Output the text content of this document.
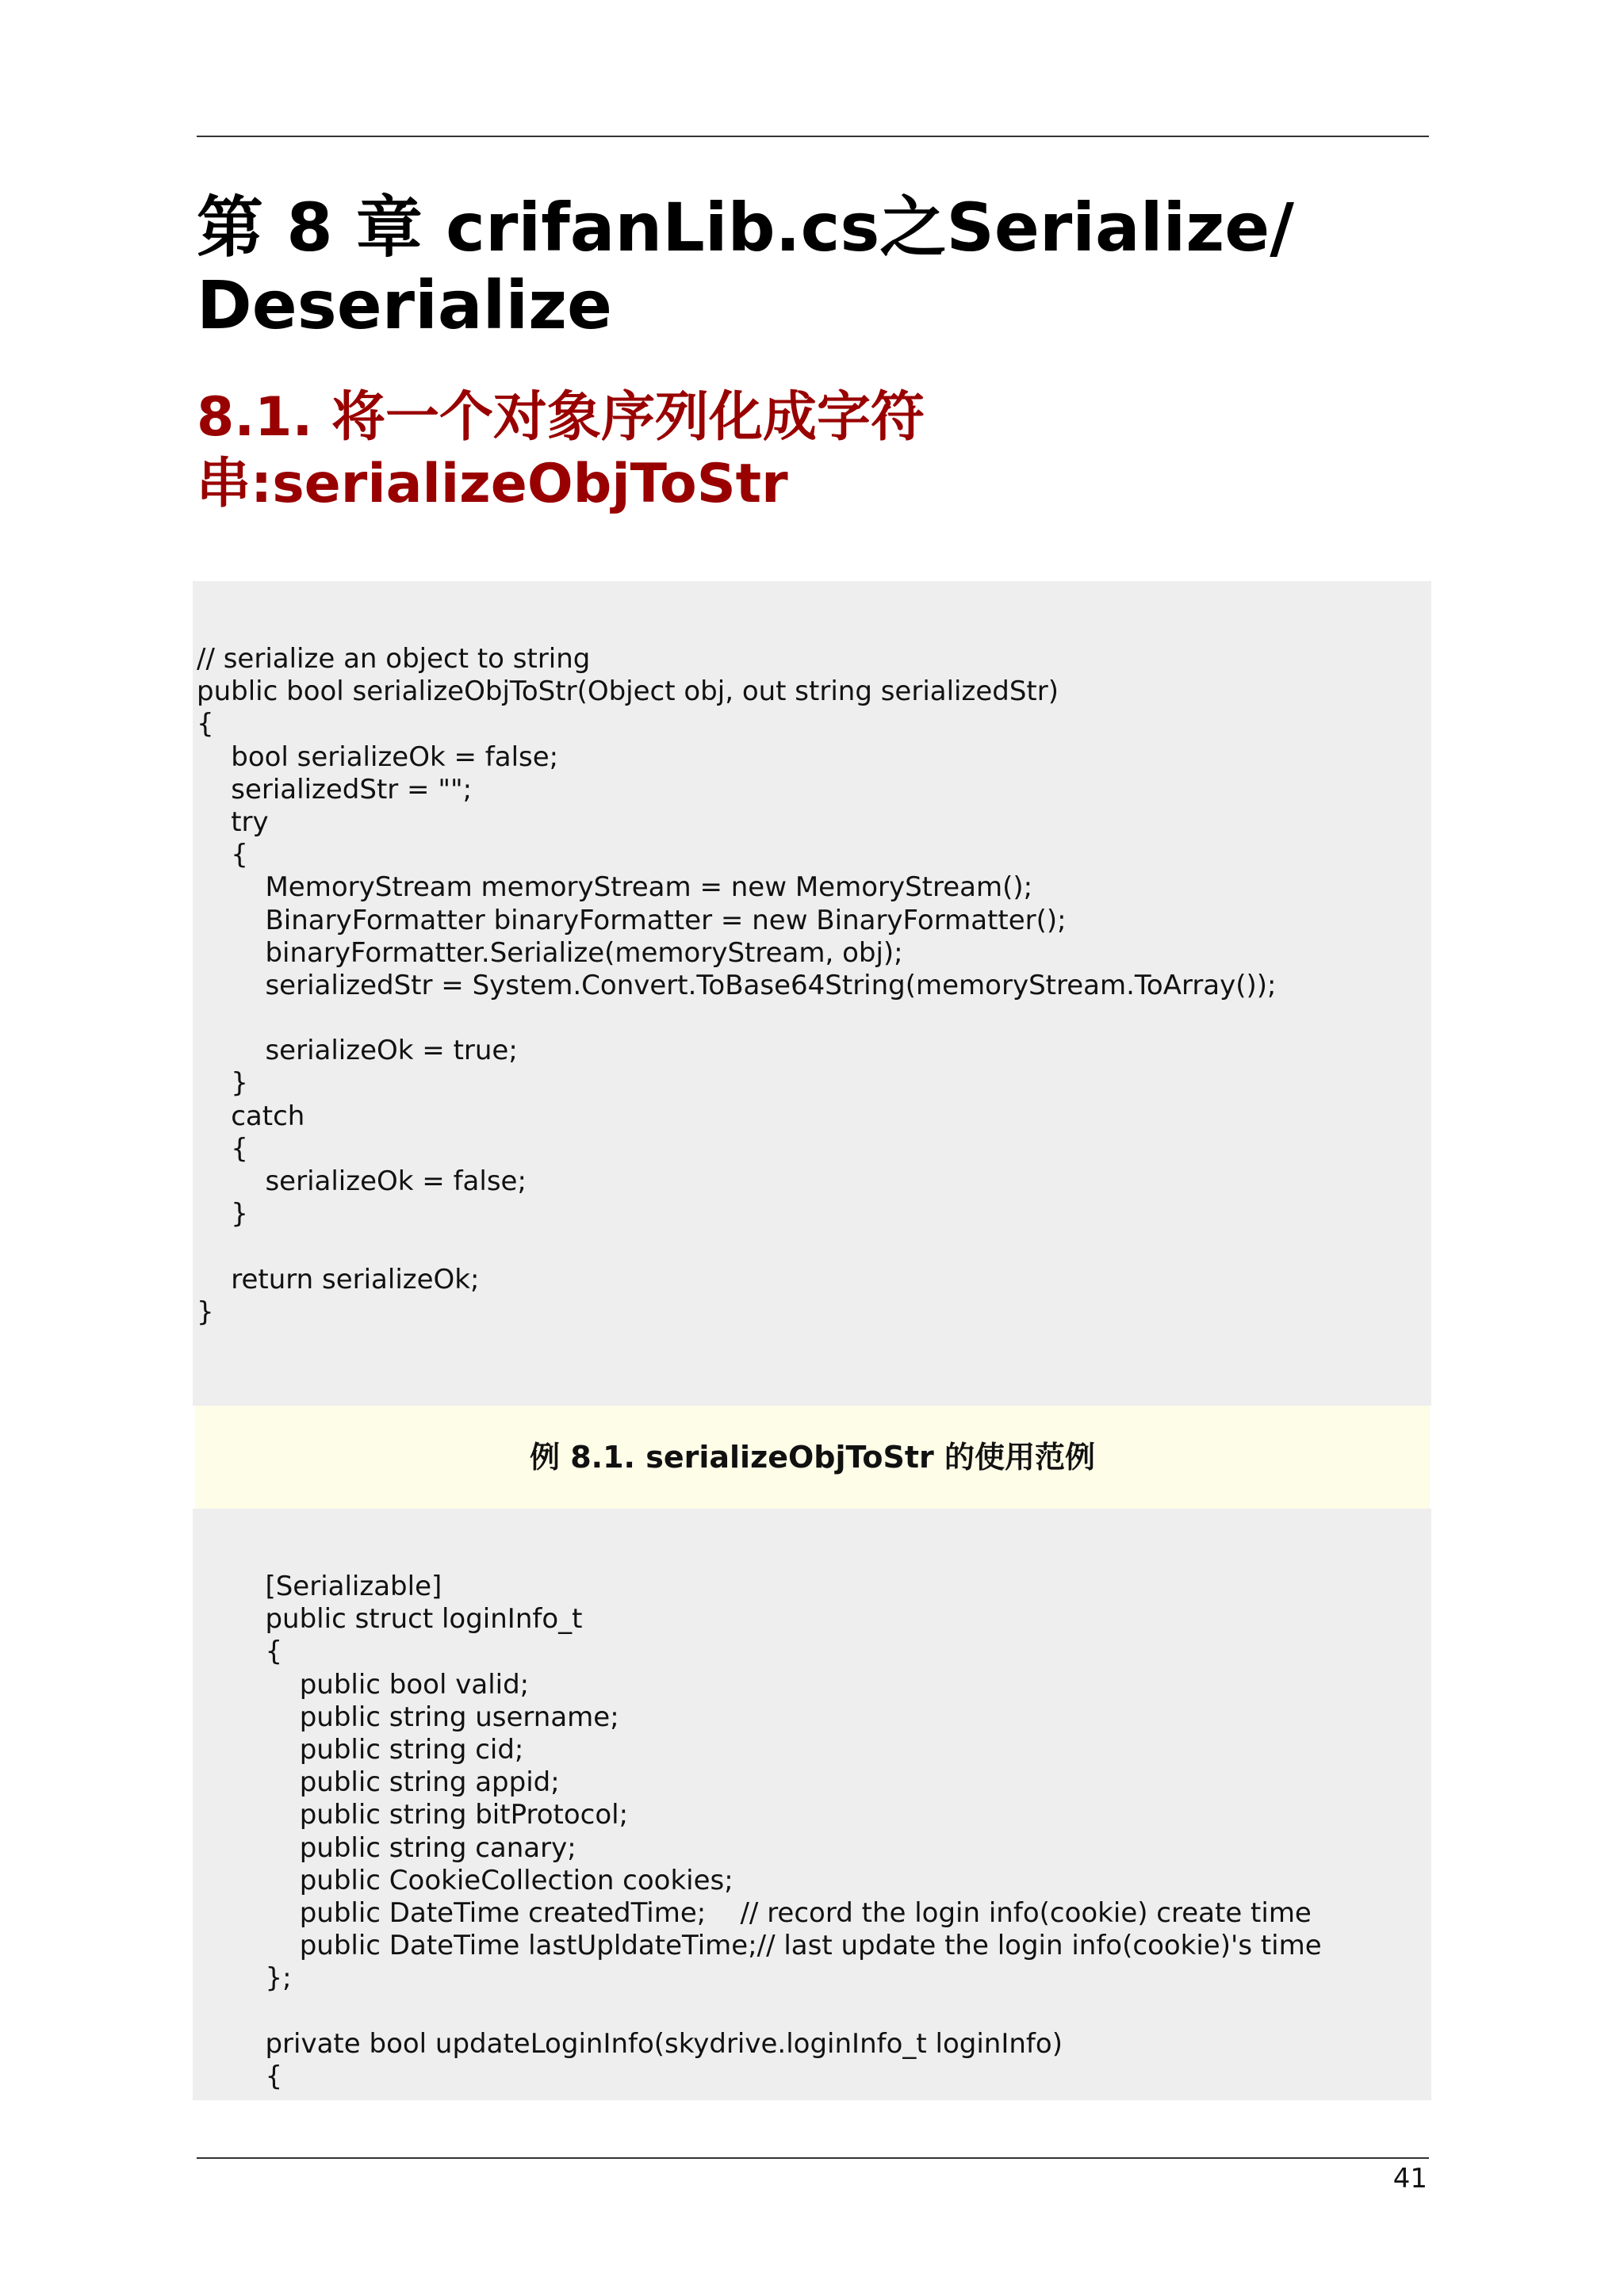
第 8 章 crifanLib.cs之Serialize/
Deserialize
8.1. 将一个对象序列化成字符
串:serializeObjToStr
// serialize an object to string
public bool serializeObjToStr(Object obj, out string serializedStr)
{
bool serializeOk = false;
serializedStr = "";
try
{
MemoryStream memoryStream = new MemoryStream();
BinaryFormatter binaryFormatter = new BinaryFormatter();
binaryFormatter.Serialize(memoryStream, obj);
serializedStr = System.Convert.ToBase64String(memoryStream.ToArray());
serializeOk = true;
}
catch
{
serializeOk = false;
}
return serializeOk;
}
例 8.1. serializeObjToStr 的使用范例
[Serializable]
public struct loginInfo_t
{
public bool valid;
public string username;
public string cid;
public string appid;
public string bitProtocol;
public string canary;
public CookieCollection cookies;
public DateTime createdTime;    // record the login info(cookie) create time
public DateTime lastUpldateTime;// last update the login info(cookie)'s time
};
private bool updateLoginInfo(skydrive.loginInfo_t loginInfo)
{
41
